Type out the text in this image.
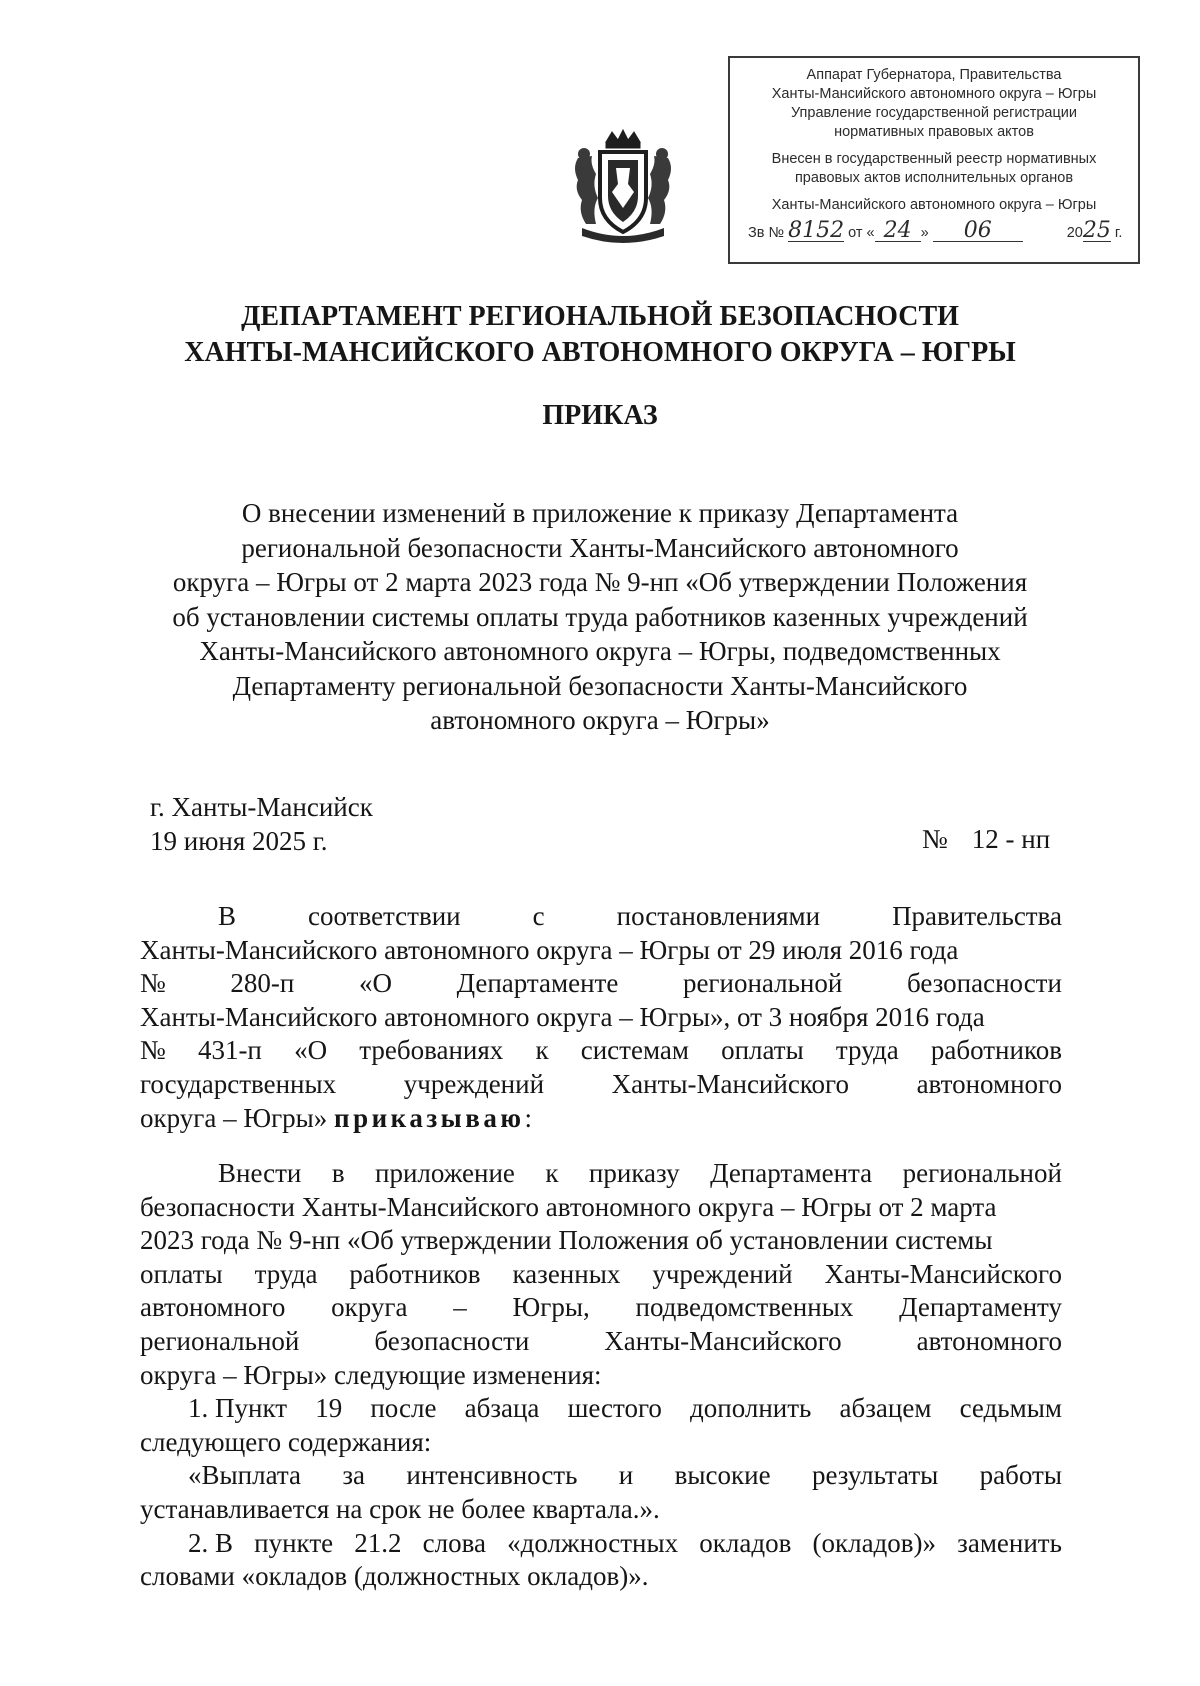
Аппарат Губернатора, Правительства
Ханты-Мансийского автономного округа – Югры
Управление государственной регистрации
нормативных правовых актов
Внесен в государственный реестр нормативных
правовых актов исполнительных органов
Ханты-Мансийского автономного округа – Югры
Зв № 8152 от « 24 » 06	2025 г.
ДЕПАРТАМЕНТ РЕГИОНАЛЬНОЙ БЕЗОПАСНОСТИ
ХАНТЫ-МАНСИЙСКОГО АВТОНОМНОГО ОКРУГА – ЮГРЫ
ПРИКАЗ
О внесении изменений в приложение к приказу Департамента
региональной безопасности Ханты-Мансийского автономного
округа – Югры от 2 марта 2023 года № 9-нп «Об утверждении Положения
об установлении системы оплаты труда работников казенных учреждений
Ханты-Мансийского автономного округа – Югры, подведомственных
Департаменту региональной безопасности Ханты-Мансийского
автономного округа – Югры»
г. Ханты-Мансийск
19 июня 2025 г.	№ 12 - нп
В	соответствии	с	постановлениями	Правительства
Ханты-Мансийского автономного округа – Югры от 29 июля 2016 года
№ 280-п «О Департаменте региональной безопасности
Ханты-Мансийского автономного округа – Югры», от 3 ноября 2016 года
№ 431-п «О требованиях к системам оплаты труда работников
государственных	учреждений	Ханты-Мансийского	автономного
округа – Югры»
приказываю :
Внести в приложение к приказу Департамента региональной
безопасности Ханты-Мансийского автономного округа – Югры от 2 марта
2023 года № 9-нп «Об утверждении Положения об установлении системы
оплаты труда работников казенных учреждений Ханты-Мансийского
автономного округа – Югры, подведомственных Департаменту
региональной	безопасности	Ханты-Мансийского	автономного
округа – Югры» следующие изменения:
1. Пункт 19 после абзаца шестого дополнить абзацем седьмым
следующего содержания:
«Выплата за интенсивность и высокие результаты работы
устанавливается на срок не более квартала.».
2. В пункте 21.2 слова «должностных окладов (окладов)» заменить
словами «окладов (должностных окладов)».
